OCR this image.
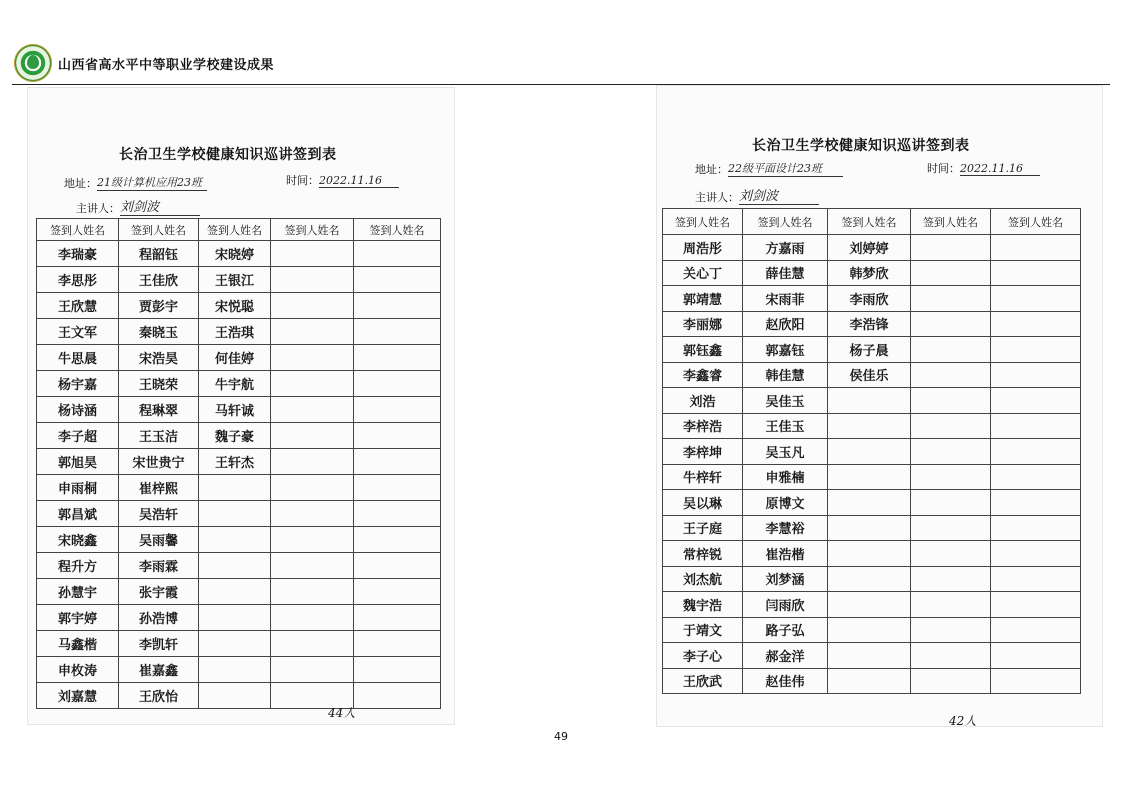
山西省高水平中等职业学校建设成果
长治卫生学校健康知识巡讲签到表
地址：21级计算机应用23班	时间：2022.11.16
主讲人：刘剑波
签到人姓名	签到人姓名	签到人姓名	签到人姓名	签到人姓名
李瑞豪	程韶钰	宋晓婷		
李思彤	王佳欣	王银江		
王欣慧	贾彭宇	宋悦聪		
王文军	秦晓玉	王浩琪		
牛思晨	宋浩昊	何佳婷		
杨宇嘉	王晓荣	牛宇航		
杨诗涵	程琳翠	马轩诚		
李子超	王玉洁	魏子豪		
郭旭昊	宋世贵宁	王轩杰		
申雨桐	崔梓熙			
郭昌斌	吴浩轩			
宋晓鑫	吴雨馨			
程升方	李雨霖			
孙慧宇	张宇霞			
郭宇婷	孙浩博			
马鑫楷	李凯轩			
申枚涛	崔嘉鑫			
刘嘉慧	王欣怡			
44人
长治卫生学校健康知识巡讲签到表
地址：22级平面设计23班	时间：2022.11.16
主讲人：刘剑波
签到人姓名	签到人姓名	签到人姓名	签到人姓名	签到人姓名
周浩彤	方嘉雨	刘婷婷		
关心丁	薛佳慧	韩梦欣		
郭靖慧	宋雨菲	李雨欣		
李丽娜	赵欣阳	李浩锋		
郭钰鑫	郭嘉钰	杨子晨		
李鑫睿	韩佳慧	侯佳乐		
刘浩	吴佳玉			
李梓浩	王佳玉			
李梓坤	吴玉凡			
牛梓轩	申雅楠			
吴以琳	原博文			
王子庭	李慧裕			
常梓锐	崔浩楷			
刘杰航	刘梦涵			
魏宇浩	闫雨欣			
于靖文	路子弘			
李子心	郝金洋			
王欣武	赵佳伟			
42人
49
